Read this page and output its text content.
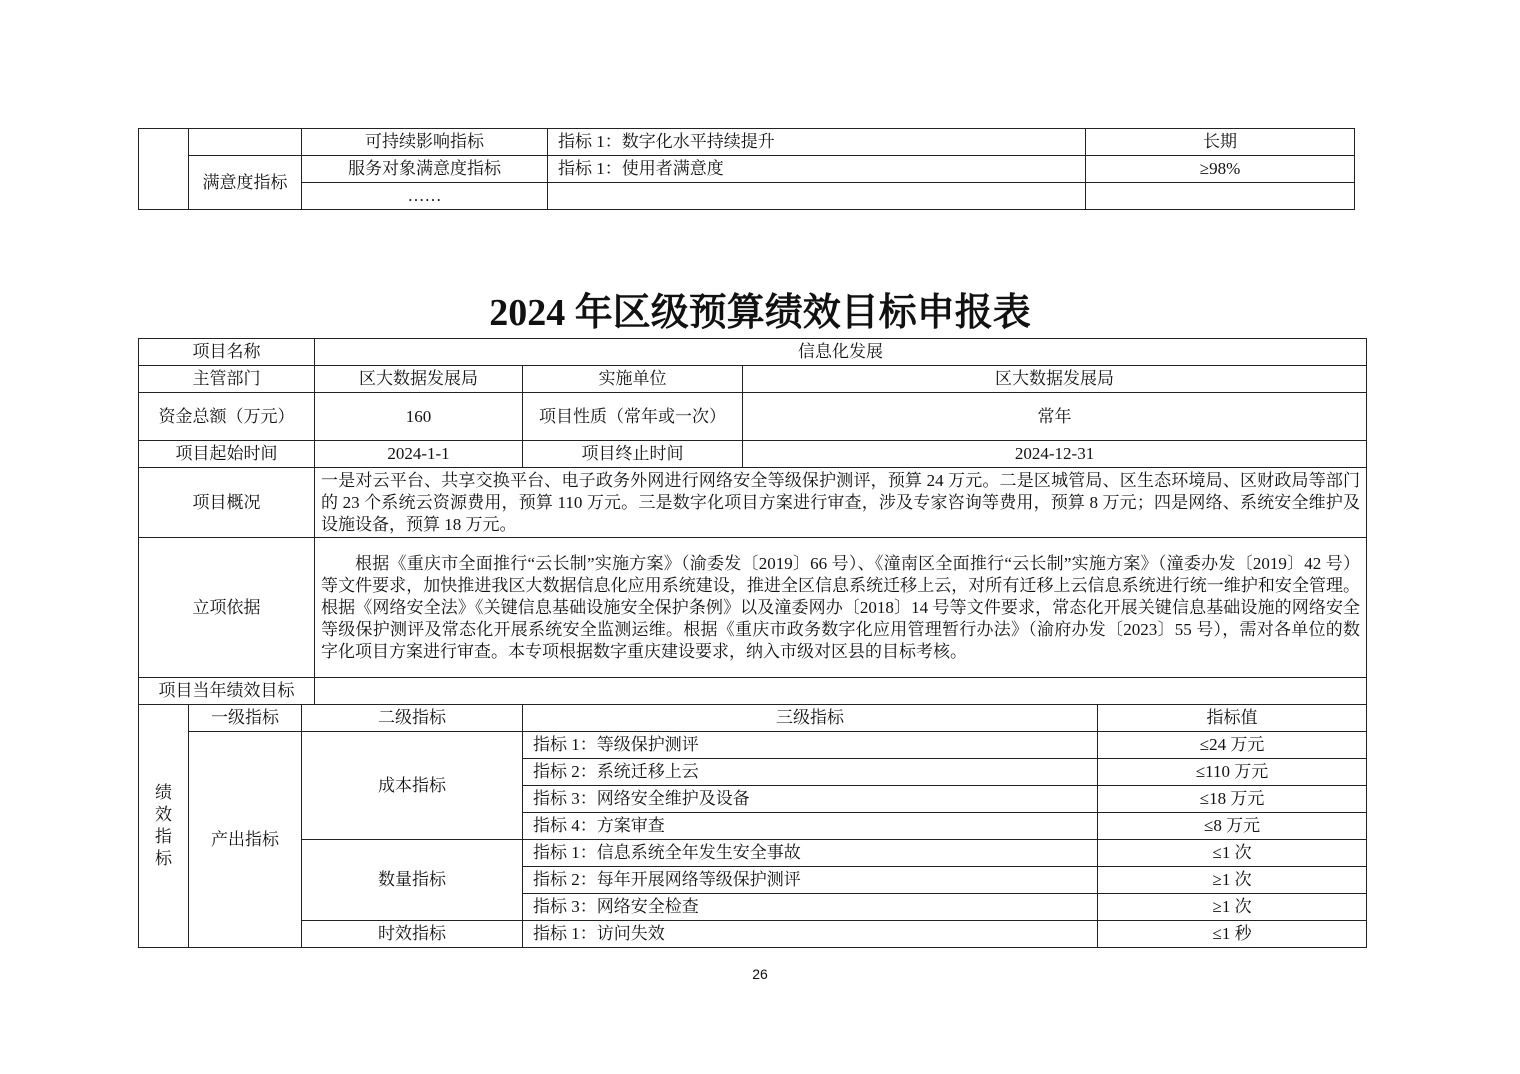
		可持续影响指标	指标 1：数字化水平持续提升	长期
	满意度指标	服务对象满意度指标	指标 1：使用者满意度	≥98%
		……		
2024 年区级预算绩效目标申报表
项目名称			信息化发展			
主管部门			区大数据发展局	实施单位	区大数据发展局	
资金总额（万元）			160	项目性质（常年或一次）	常年	
项目起始时间			2024-1-1	项目终止时间	2024-12-31	
项目概况			一是对云平台、共享交换平台、电子政务外网进行网络安全等级保护测评，预算 24 万元。二是区城管局、区生态环境局、区财政局等部门的 23 个系统云资源费用，预算 110 万元。三是数字化项目方案进行审查，涉及专家咨询等费用，预算 8 万元；四是网络、系统安全维护及设施设备，预算 18 万元。			
立项依据			根据《重庆市全面推行“云长制”实施方案》（渝委发〔2019〕66 号）、《潼南区全面推行“云长制”实施方案》（潼委办发〔2019〕42 号）等文件要求，加快推进我区大数据信息化应用系统建设，推进全区信息系统迁移上云，对所有迁移上云信息系统进行统一维护和安全管理。根据《网络安全法》《关键信息基础设施安全保护条例》以及潼委网办〔2018〕14 号等文件要求，常态化开展关键信息基础设施的网络安全等级保护测评及常态化开展系统安全监测运维。根据《重庆市政务数字化应用管理暂行办法》（渝府办发〔2023〕55 号），需对各单位的数字化项目方案进行审查。本专项根据数字重庆建设要求，纳入市级对区县的目标考核。			
项目当年绩效目标						
绩效指标	一级指标	二级指标		三级指标		指标值
	产出指标	成本指标		指标 1：等级保护测评		≤24 万元
				指标 2：系统迁移上云		≤110 万元
				指标 3：网络安全维护及设备		≤18 万元
				指标 4：方案审查		≤8 万元
		数量指标		指标 1：信息系统全年发生安全事故		≤1 次
				指标 2：每年开展网络等级保护测评		≥1 次
				指标 3：网络安全检查		≥1 次
		时效指标		指标 1：访问失效		≤1 秒
26
